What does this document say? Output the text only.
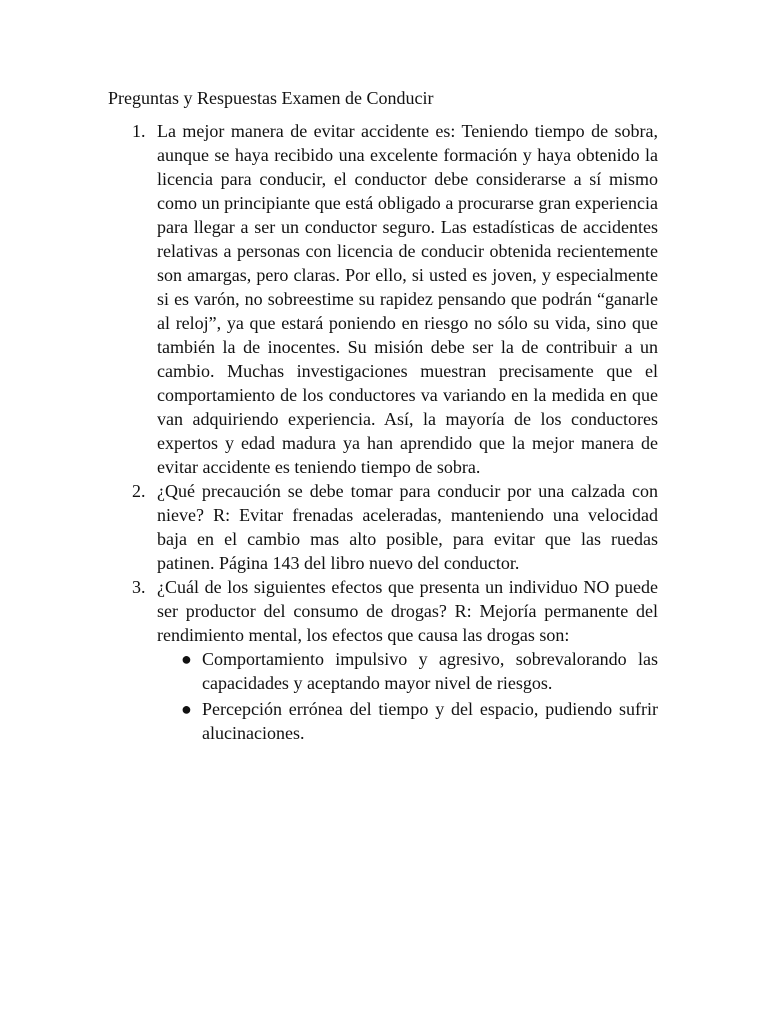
Preguntas y Respuestas Examen de Conducir
1. La mejor manera de evitar accidente es: Teniendo tiempo de sobra, aunque se haya recibido una excelente formación y haya obtenido la licencia para conducir, el conductor debe considerarse a sí mismo como un principiante que está obligado a procurarse gran experiencia para llegar a ser un conductor seguro. Las estadísticas de accidentes relativas a personas con licencia de conducir obtenida recientemente son amargas, pero claras. Por ello, si usted es joven, y especialmente si es varón, no sobreestime su rapidez pensando que podrán “ganarle al reloj”, ya que estará poniendo en riesgo no sólo su vida, sino que también la de inocentes. Su misión debe ser la de contribuir a un cambio. Muchas investigaciones muestran precisamente que el comportamiento de los conductores va variando en la medida en que van adquiriendo experiencia. Así, la mayoría de los conductores expertos y edad madura ya han aprendido que la mejor manera de evitar accidente es teniendo tiempo de sobra.
2. ¿Qué precaución se debe tomar para conducir por una calzada con nieve? R: Evitar frenadas aceleradas, manteniendo una velocidad baja en el cambio mas alto posible, para evitar que las ruedas patinen. Página 143 del libro nuevo del conductor.
3. ¿Cuál de los siguientes efectos que presenta un individuo NO puede ser productor del consumo de drogas? R: Mejoría permanente del rendimiento mental, los efectos que causa las drogas son:
● Comportamiento impulsivo y agresivo, sobrevalorando las capacidades y aceptando mayor nivel de riesgos.
● Percepción errónea del tiempo y del espacio, pudiendo sufrir alucinaciones.
